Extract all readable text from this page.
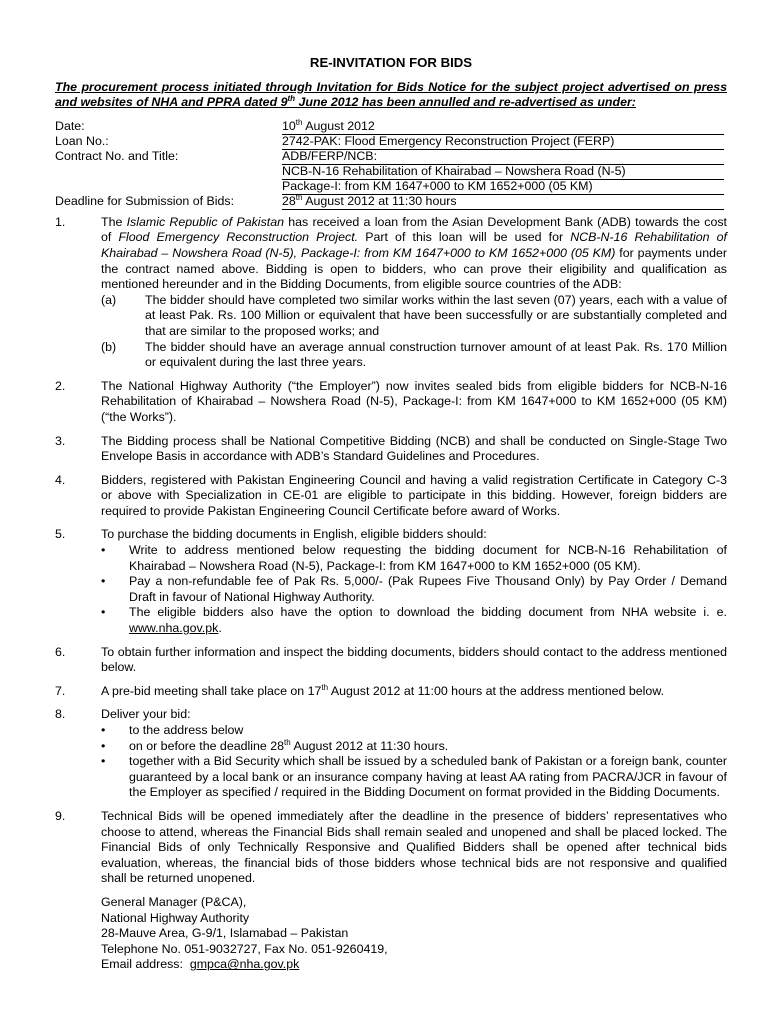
RE-INVITATION FOR BIDS
The procurement process initiated through Invitation for Bids Notice for the subject project advertised on press and websites of NHA and PPRA dated 9th June 2012 has been annulled and re-advertised as under:
Date:	10th August 2012
Loan No.:	2742-PAK: Flood Emergency Reconstruction Project (FERP)
Contract No. and Title:	ADB/FERP/NCB:
NCB-N-16 Rehabilitation of Khairabad – Nowshera Road (N-5)
Package-I: from KM 1647+000 to KM 1652+000 (05 KM)
Deadline for Submission of Bids:	28th August 2012 at 11:30 hours
1.	The Islamic Republic of Pakistan has received a loan from the Asian Development Bank (ADB) towards the cost of Flood Emergency Reconstruction Project. Part of this loan will be used for NCB-N-16 Rehabilitation of Khairabad – Nowshera Road (N-5), Package-I: from KM 1647+000 to KM 1652+000 (05 KM) for payments under the contract named above. Bidding is open to bidders, who can prove their eligibility and qualification as mentioned hereunder and in the Bidding Documents, from eligible source countries of the ADB:
(a) The bidder should have completed two similar works within the last seven (07) years, each with a value of at least Pak. Rs. 100 Million or equivalent that have been successfully or are substantially completed and that are similar to the proposed works; and
(b) The bidder should have an average annual construction turnover amount of at least Pak. Rs. 170 Million or equivalent during the last three years.
2.	The National Highway Authority (“the Employer”) now invites sealed bids from eligible bidders for NCB-N-16 Rehabilitation of Khairabad – Nowshera Road (N-5), Package-I: from KM 1647+000 to KM 1652+000 (05 KM) (“the Works”).
3.	The Bidding process shall be National Competitive Bidding (NCB) and shall be conducted on Single-Stage Two Envelope Basis in accordance with ADB’s Standard Guidelines and Procedures.
4.	Bidders, registered with Pakistan Engineering Council and having a valid registration Certificate in Category C-3 or above with Specialization in CE-01 are eligible to participate in this bidding. However, foreign bidders are required to provide Pakistan Engineering Council Certificate before award of Works.
5.	To purchase the bidding documents in English, eligible bidders should:
•	Write to address mentioned below requesting the bidding document for NCB-N-16 Rehabilitation of Khairabad – Nowshera Road (N-5), Package-I: from KM 1647+000 to KM 1652+000 (05 KM).
•	Pay a non-refundable fee of Pak Rs. 5,000/- (Pak Rupees Five Thousand Only) by Pay Order / Demand Draft in favour of National Highway Authority.
•	The eligible bidders also have the option to download the bidding document from NHA website i. e. www.nha.gov.pk.
6.	To obtain further information and inspect the bidding documents, bidders should contact to the address mentioned below.
7.	A pre-bid meeting shall take place on 17th August 2012 at 11:00 hours at the address mentioned below.
8.	Deliver your bid:
•	to the address below
•	on or before the deadline 28th August 2012 at 11:30 hours.
•	together with a Bid Security which shall be issued by a scheduled bank of Pakistan or a foreign bank, counter guaranteed by a local bank or an insurance company having at least AA rating from PACRA/JCR in favour of the Employer as specified / required in the Bidding Document on format provided in the Bidding Documents.
9.	Technical Bids will be opened immediately after the deadline in the presence of bidders’ representatives who choose to attend, whereas the Financial Bids shall remain sealed and unopened and shall be placed locked. The Financial Bids of only Technically Responsive and Qualified Bidders shall be opened after technical bids evaluation, whereas, the financial bids of those bidders whose technical bids are not responsive and qualified shall be returned unopened.
General Manager (P&CA),
National Highway Authority
28-Mauve Area, G-9/1, Islamabad – Pakistan
Telephone No. 051-9032727, Fax No. 051-9260419,
Email address:  gmpca@nha.gov.pk
